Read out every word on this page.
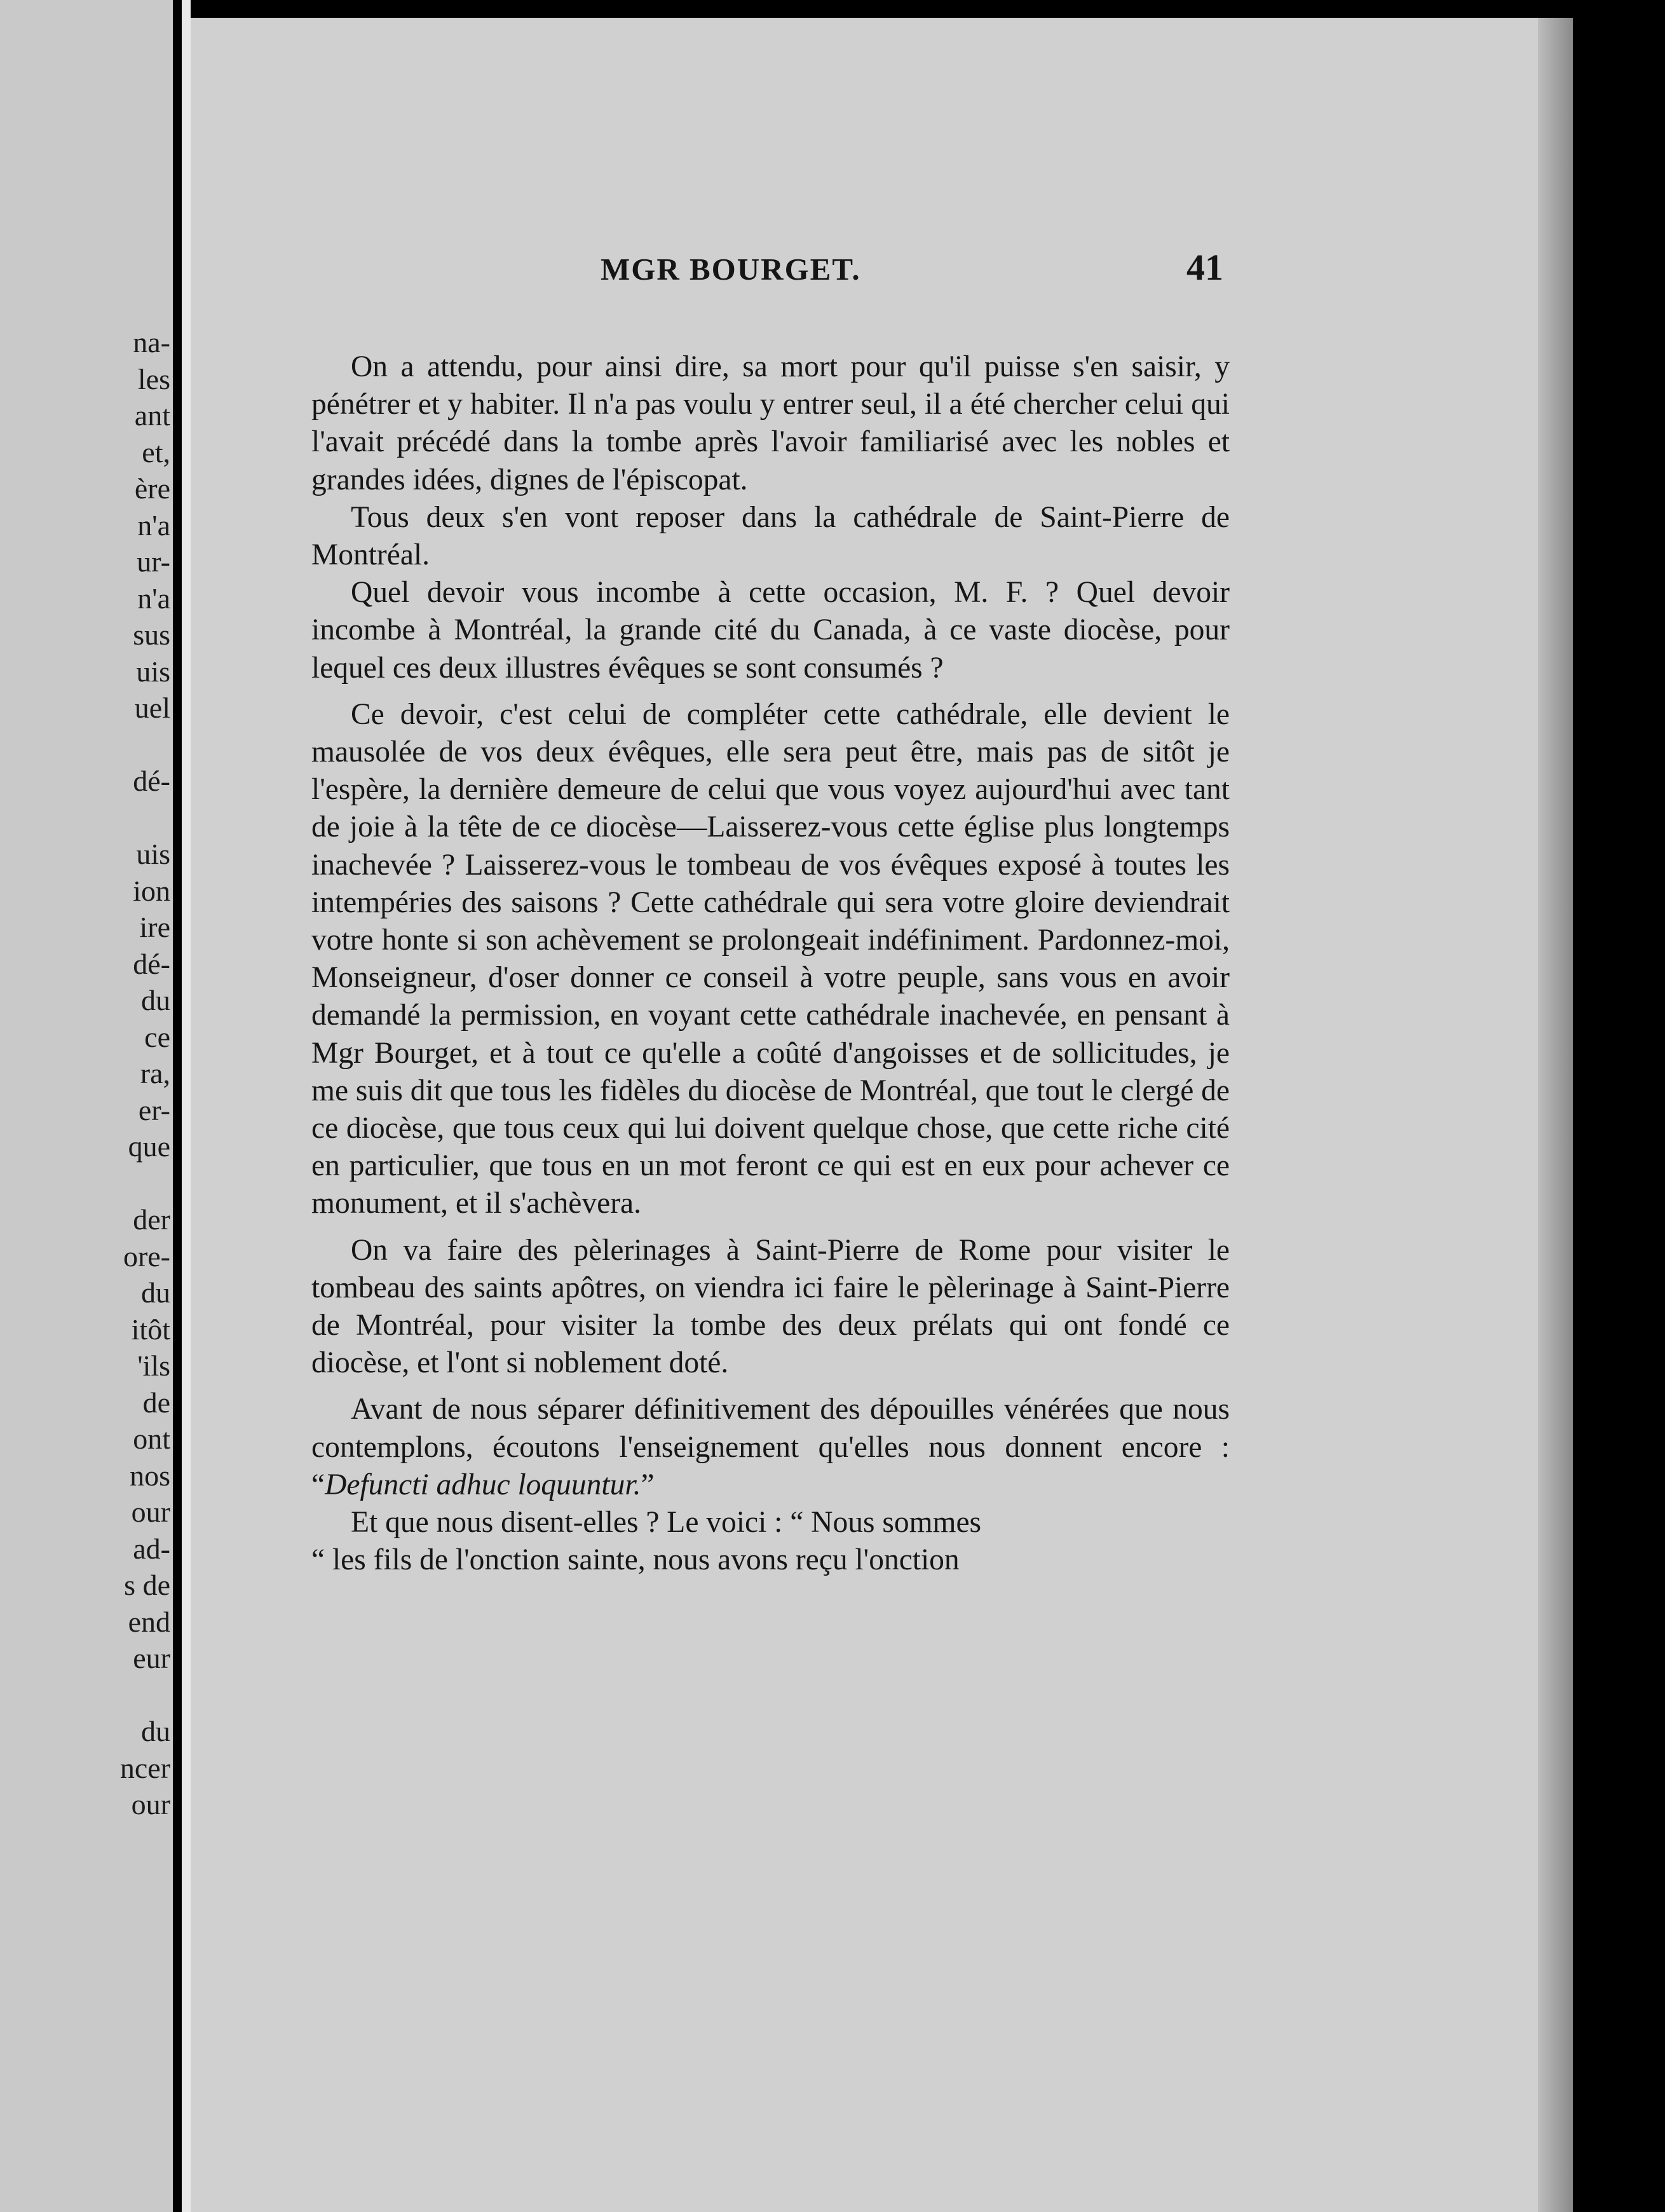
na-
les
ant
et,
ère
n'a
ur-
n'a
sus
uis
uel

dé-

uis
ion
ire
dé-
du
ce
ra,
er-
que

der
ore-
du
itôt
'ils
de
ont
nos
our
ad-
s de
end
eur

du
ncer
our
MGR BOURGET.	41

On a attendu, pour ainsi dire, sa mort pour qu'il puisse s'en saisir, y pénétrer et y habiter. Il n'a pas voulu y entrer seul, il a été chercher celui qui l'avait précédé dans la tombe après l'avoir familiarisé avec les nobles et grandes idées, dignes de l'épiscopat.

Tous deux s'en vont reposer dans la cathédrale de Saint-Pierre de Montréal.

Quel devoir vous incombe à cette occasion, M. F. ? Quel devoir incombe à Montréal, la grande cité du Canada, à ce vaste diocèse, pour lequel ces deux illustres évêques se sont consumés ?

Ce devoir, c'est celui de compléter cette cathédrale, elle devient le mausolée de vos deux évêques, elle sera peut être, mais pas de sitôt je l'espère, la dernière demeure de celui que vous voyez aujourd'hui avec tant de joie à la tête de ce diocèse—Laisserez-vous cette église plus longtemps inachevée ? Laisserez-vous le tombeau de vos évêques exposé à toutes les intempéries des saisons ? Cette cathédrale qui sera votre gloire deviendrait votre honte si son achèvement se prolongeait indéfiniment. Pardonnez-moi, Monseigneur, d'oser donner ce conseil à votre peuple, sans vous en avoir demandé la permission, en voyant cette cathédrale inachevée, en pensant à Mgr Bourget, et à tout ce qu'elle a coûté d'angoisses et de sollicitudes, je me suis dit que tous les fidèles du diocèse de Montréal, que tout le clergé de ce diocèse, que tous ceux qui lui doivent quelque chose, que cette riche cité en particulier, que tous en un mot feront ce qui est en eux pour achever ce monument, et il s'achèvera.

On va faire des pèlerinages à Saint-Pierre de Rome pour visiter le tombeau des saints apôtres, on viendra ici faire le pèlerinage à Saint-Pierre de Montréal, pour visiter la tombe des deux prélats qui ont fondé ce diocèse, et l'ont si noblement doté.

Avant de nous séparer définitivement des dépouilles vénérées que nous contemplons, écoutons l'enseignement qu'elles nous donnent encore : “Defuncti adhuc loquuntur.”

Et que nous disent-elles ? Le voici : “ Nous sommes

“ les fils de l'onction sainte, nous avons reçu l'onction
